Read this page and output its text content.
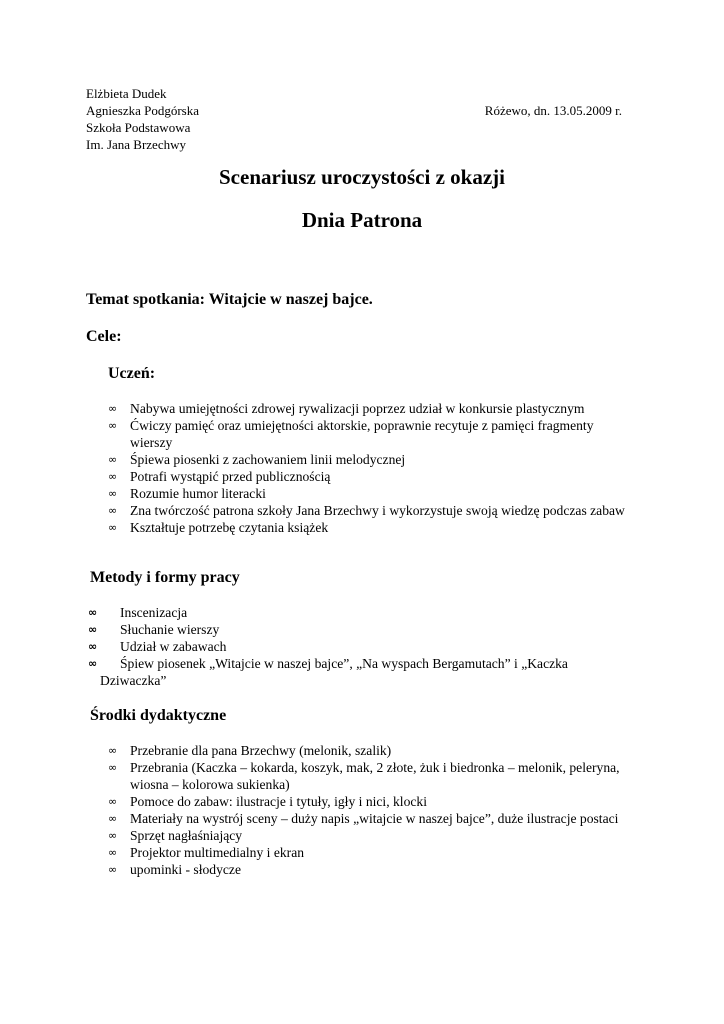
Elżbieta Dudek
Agnieszka Podgórska
Szkoła Podstawowa
Im. Jana Brzechwy
Różewo, dn. 13.05.2009 r.
Scenariusz uroczystości z okazji
Dnia Patrona
Temat spotkania: Witajcie w naszej bajce.
Cele:
Uczeń:
∞ Nabywa umiejętności zdrowej rywalizacji poprzez udział w konkursie plastycznym
∞ Ćwiczy pamięć oraz umiejętności aktorskie, poprawnie recytuje z pamięci fragmenty wierszy
∞ Śpiewa piosenki z zachowaniem linii melodycznej
∞ Potrafi wystąpić przed publicznością
∞ Rozumie humor literacki
∞ Zna twórczość patrona szkoły Jana Brzechwy i wykorzystuje swoją wiedzę podczas zabaw
∞ Kształtuje potrzebę czytania książek
Metody i formy pracy
∞ Inscenizacja
∞ Słuchanie wierszy
∞ Udział w zabawach
∞ Śpiew piosenek „Witajcie w naszej bajce”, „Na wyspach Bergamutach” i „Kaczka
Dziwaczka”
Środki dydaktyczne
∞ Przebranie dla pana Brzechwy (melonik, szalik)
∞ Przebrania (Kaczka – kokarda, koszyk, mak, 2 złote, żuk i biedronka – melonik, peleryna, wiosna – kolorowa sukienka)
∞ Pomoce do zabaw: ilustracje i tytuły, igły i nici, klocki
∞ Materiały na wystrój sceny – duży napis „witajcie w naszej bajce”, duże ilustracje postaci
∞ Sprzęt nagłaśniający
∞ Projektor multimedialny i ekran
∞ upominki - słodycze
